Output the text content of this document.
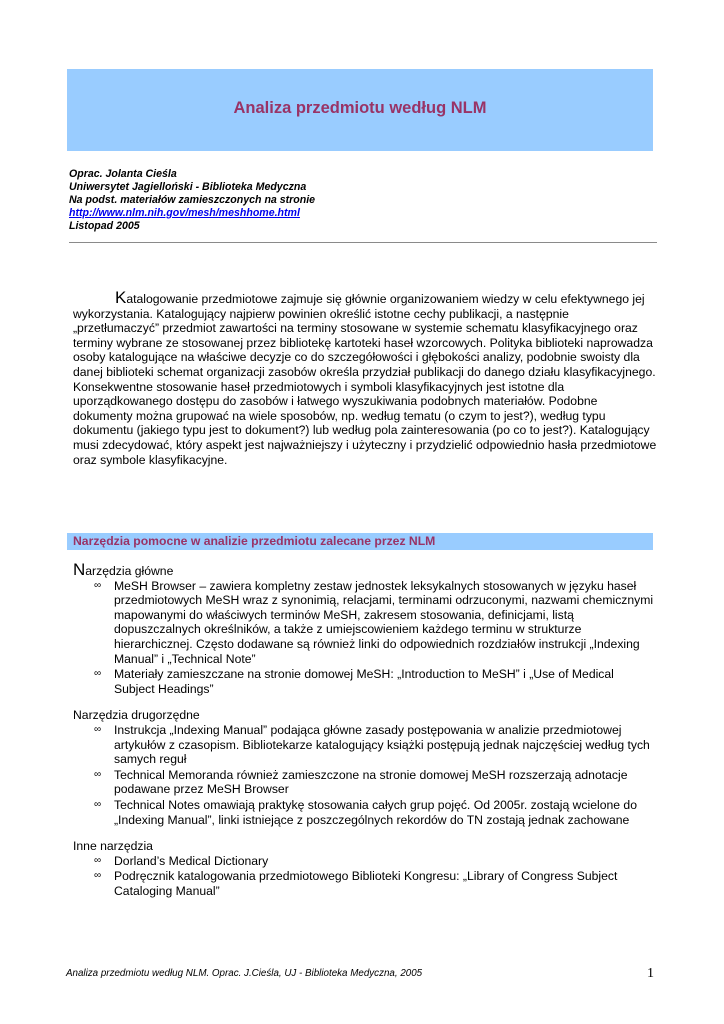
Analiza przedmiotu według NLM
Oprac. Jolanta Cieśla
Uniwersytet Jagielloński - Biblioteka Medyczna
Na podst. materiałów zamieszczonych na stronie
http://www.nlm.nih.gov/mesh/meshhome.html
Listopad 2005

Katalogowanie przedmiotowe zajmuje się głównie organizowaniem wiedzy w celu efektywnego jej wykorzystania. Katalogujący najpierw powinien określić istotne cechy publikacji, a następnie „przetłumaczyć” przedmiot zawartości na terminy stosowane w systemie schematu klasyfikacyjnego oraz terminy wybrane ze stosowanej przez bibliotekę kartoteki haseł wzorcowych. Polityka biblioteki naprowadza osoby katalogujące na właściwe decyzje co do szczegółowości i głębokości analizy, podobnie swoisty dla danej biblioteki schemat organizacji zasobów określa przydział publikacji do danego działu klasyfikacyjnego.

Konsekwentne stosowanie haseł przedmiotowych i symboli klasyfikacyjnych jest istotne dla uporządkowanego dostępu do zasobów i łatwego wyszukiwania podobnych materiałów. Podobne dokumenty można grupować na wiele sposobów, np. według tematu (o czym to jest?), według typu dokumentu (jakiego typu jest to dokument?) lub według pola zainteresowania (po co to jest?). Katalogujący musi zdecydować, który aspekt jest najważniejszy i użyteczny i przydzielić odpowiednio hasła przedmiotowe oraz symbole klasyfikacyjne.

Narzędzia pomocne w analizie przedmiotu zalecane przez NLM

Narzędzia główne

∞ MeSH Browser – zawiera kompletny zestaw jednostek leksykalnych stosowanych w języku haseł przedmiotowych MeSH wraz z synonimią, relacjami, terminami odrzuconymi, nazwami chemicznymi mapowanymi do właściwych terminów MeSH, zakresem stosowania, definicjami, listą dopuszczalnych określników, a także z umiejscowieniem każdego terminu w strukturze hierarchicznej. Często dodawane są również linki do odpowiednich rozdziałów instrukcji „Indexing Manual” i „Technical Note”
∞ Materiały zamieszczane na stronie domowej MeSH: „Introduction to MeSH” i „Use of Medical Subject Headings”

Narzędzia drugorzędne

∞ Instrukcja „Indexing Manual” podająca główne zasady postępowania w analizie przedmiotowej artykułów z czasopism. Bibliotekarze katalogujący książki postępują jednak najczęściej według tych samych reguł
∞ Technical Memoranda również zamieszczone na stronie domowej MeSH rozszerzają adnotacje podawane przez MeSH Browser
∞ Technical Notes omawiają praktykę stosowania całych grup pojęć. Od 2005r. zostają wcielone do „Indexing Manual”, linki istniejące z poszczególnych rekordów do TN zostają jednak zachowane

Inne narzędzia

∞ Dorland’s Medical Dictionary
∞ Podręcznik katalogowania przedmiotowego Biblioteki Kongresu: „Library of Congress Subject Cataloging Manual”
Analiza przedmiotu według NLM. Oprac. J.Cieśla, UJ - Biblioteka Medyczna, 2005	1
